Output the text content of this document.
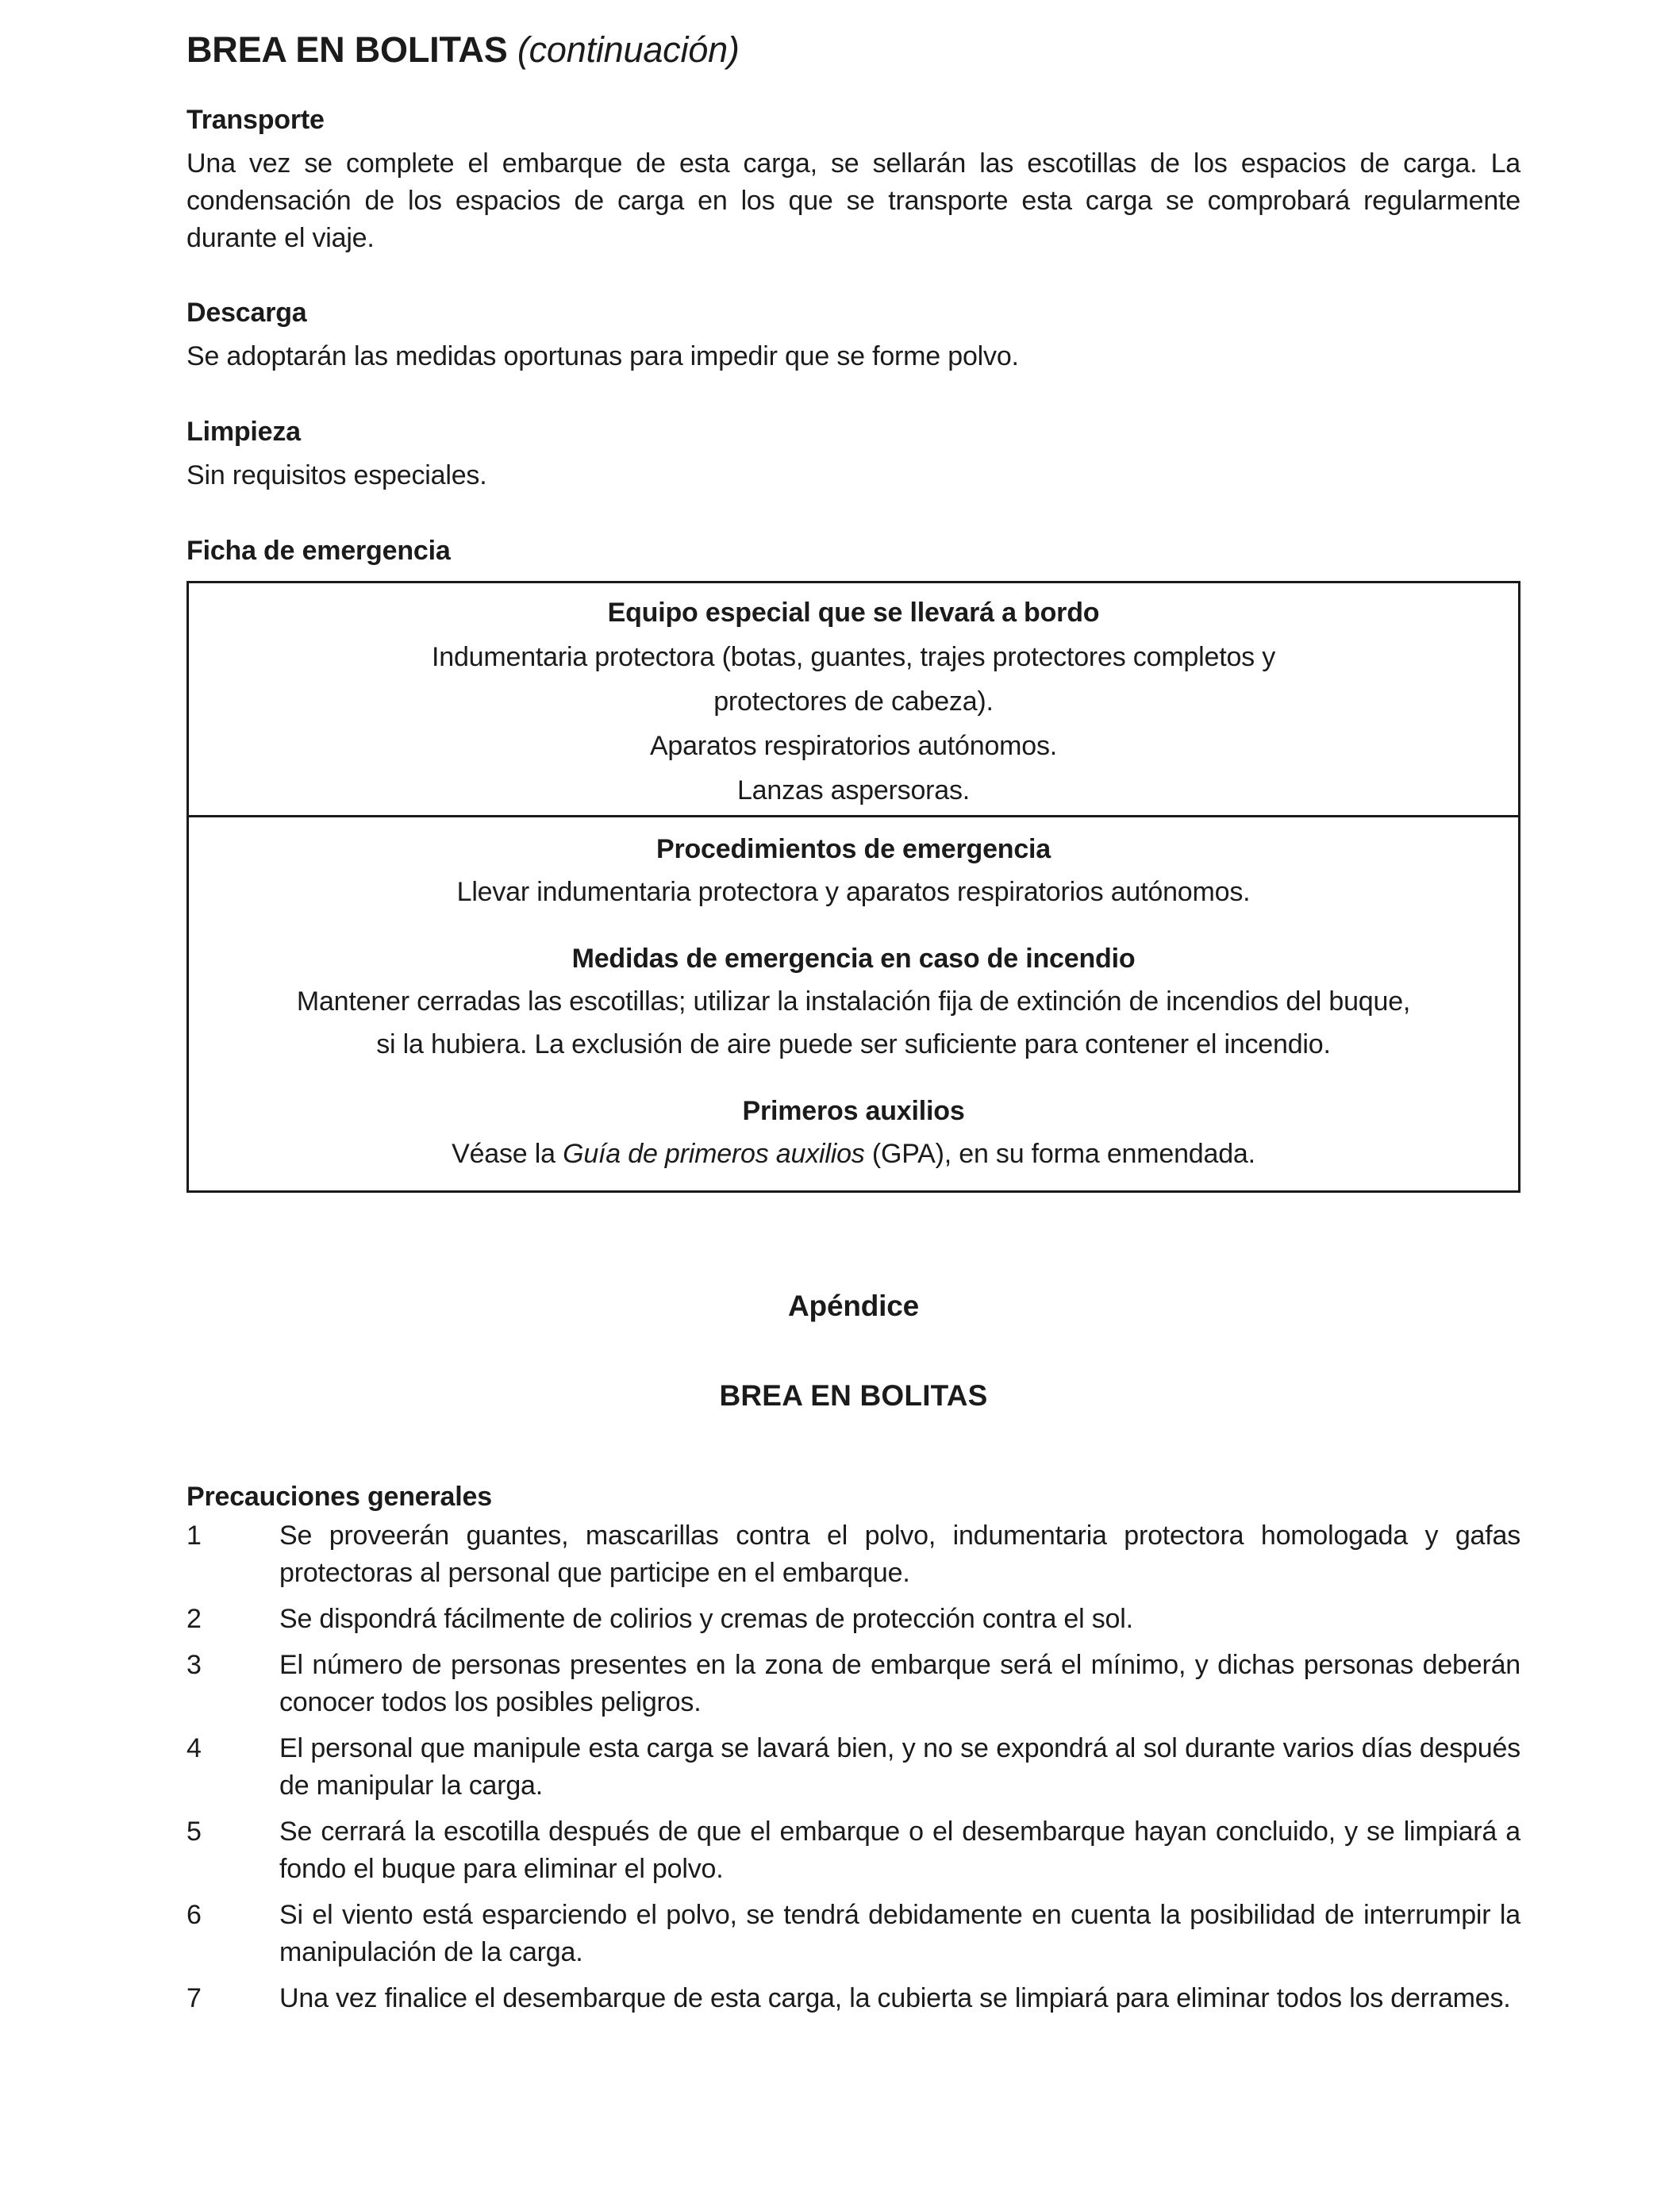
BREA EN BOLITAS (continuación)
Transporte

Una vez se complete el embarque de esta carga, se sellarán las escotillas de los espacios de carga. La condensación de los espacios de carga en los que se transporte esta carga se comprobará regularmente durante el viaje.

Descarga

Se adoptarán las medidas oportunas para impedir que se forme polvo.

Limpieza

Sin requisitos especiales.

Ficha de emergencia
Equipo especial que se llevará a bordo
Indumentaria protectora (botas, guantes, trajes protectores completos y
protectores de cabeza).
Aparatos respiratorios autónomos.
Lanzas aspersoras.
Procedimientos de emergencia
Llevar indumentaria protectora y aparatos respiratorios autónomos.
Medidas de emergencia en caso de incendio
Mantener cerradas las escotillas; utilizar la instalación fija de extinción de incendios del buque,
si la hubiera. La exclusión de aire puede ser suficiente para contener el incendio.
Primeros auxilios
Véase la Guía de primeros auxilios (GPA), en su forma enmendada.
Apéndice
BREA EN BOLITAS
Precauciones generales
1	Se proveerán guantes, mascarillas contra el polvo, indumentaria protectora homologada y gafas protectoras al personal que participe en el embarque.
2	Se dispondrá fácilmente de colirios y cremas de protección contra el sol.
3	El número de personas presentes en la zona de embarque será el mínimo, y dichas personas deberán conocer todos los posibles peligros.
4	El personal que manipule esta carga se lavará bien, y no se expondrá al sol durante varios días después de manipular la carga.
5	Se cerrará la escotilla después de que el embarque o el desembarque hayan concluido, y se limpiará a fondo el buque para eliminar el polvo.
6	Si el viento está esparciendo el polvo, se tendrá debidamente en cuenta la posibilidad de interrumpir la manipulación de la carga.
7	Una vez finalice el desembarque de esta carga, la cubierta se limpiará para eliminar todos los derrames.
